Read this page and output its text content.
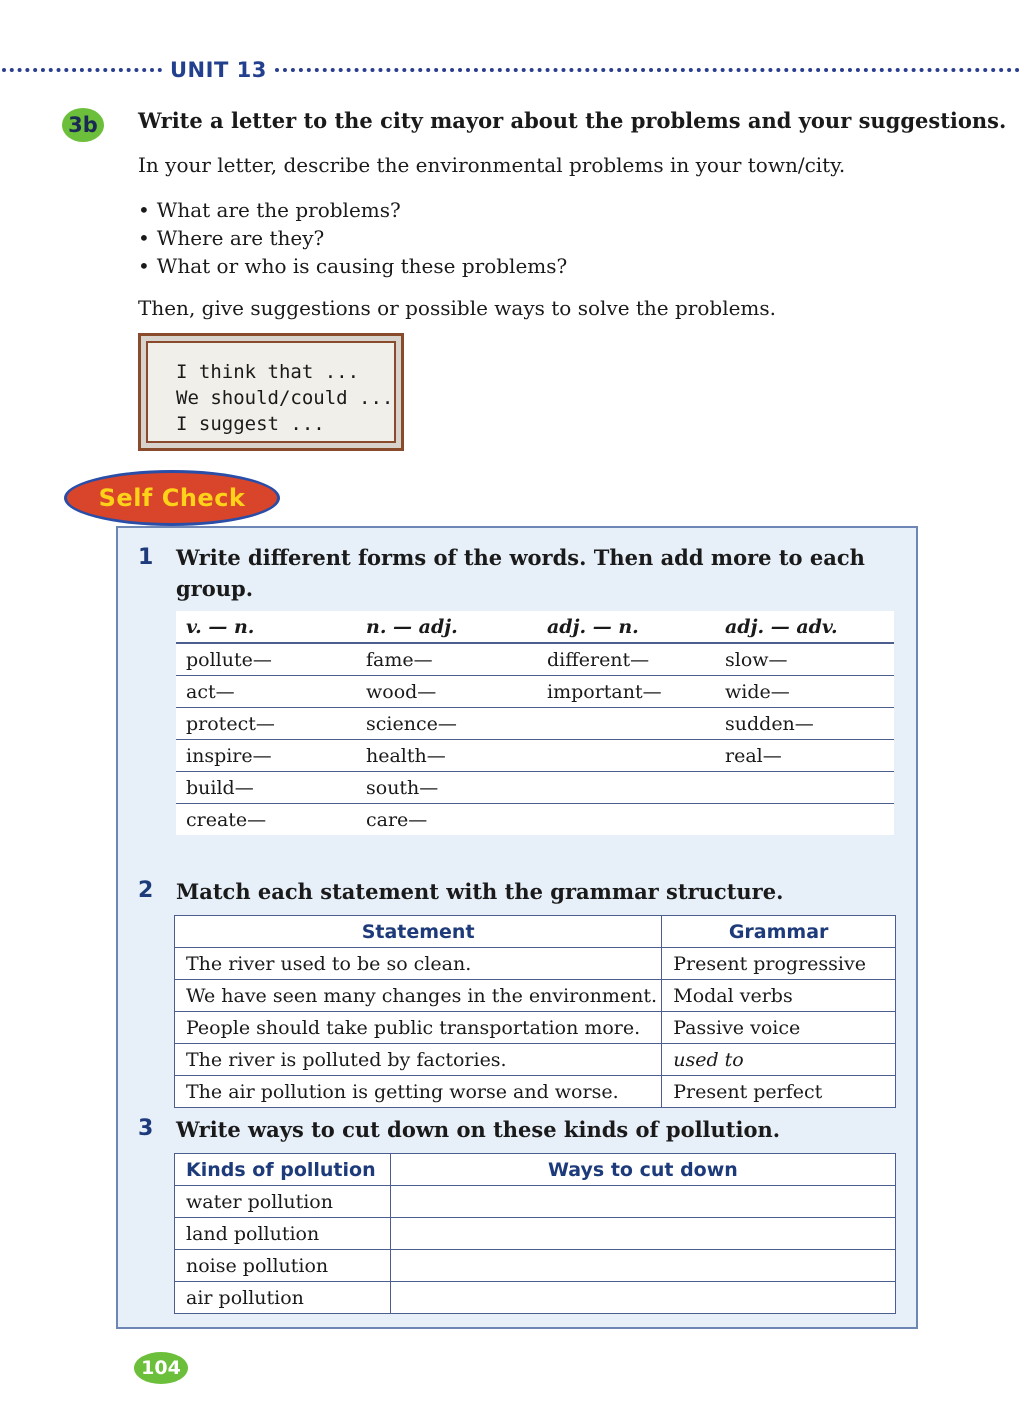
UNIT 13
3b Write a letter to the city mayor about the problems and your suggestions.
In your letter, describe the environmental problems in your town/city.
• What are the problems?
• Where are they?
• What or who is causing these problems?
Then, give suggestions or possible ways to solve the problems.
I think that ...
We should/could ...
I suggest ...
Self Check
1 Write different forms of the words. Then add more to each
group.
v. — n.	n. — adj.	adj. — n.	adj. — adv.
pollute—	fame—	different—	slow—
act—	wood—	important—	wide—
protect—	science—		sudden—
inspire—	health—		real—
build—	south—		
create—	care—		
2 Match each statement with the grammar structure.
Statement	Grammar
The river used to be so clean.	Present progressive
We have seen many changes in the environment.	Modal verbs
People should take public transportation more.	Passive voice
The river is polluted by factories.	used to
The air pollution is getting worse and worse.	Present perfect
3 Write ways to cut down on these kinds of pollution.
Kinds of pollution	Ways to cut down
water pollution	
land pollution	
noise pollution	
air pollution	
104
